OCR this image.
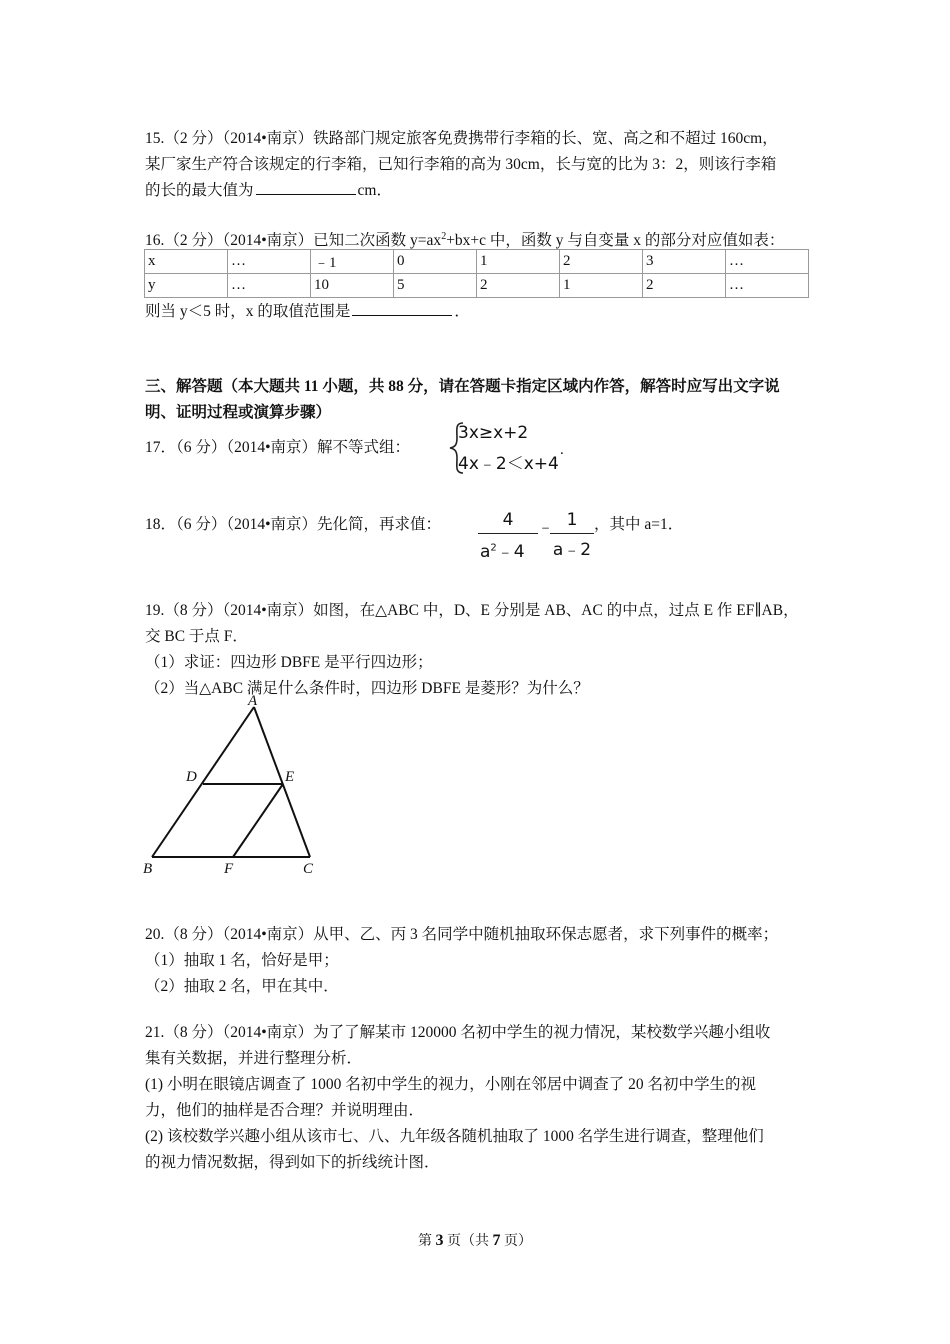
15.（2 分）（2014•南京）铁路部门规定旅客免费携带行李箱的长、宽、高之和不超过 160cm，
某厂家生产符合该规定的行李箱，已知行李箱的高为 30cm，长与宽的比为 3：2，则该行李箱
的长的最大值为	cm．
16.（2 分）（2014•南京）已知二次函数 $y=ax^2+bx+c$ 中，函数 y 与自变量 x 的部分对应值如表：
x	…	﹣1	0	1	2	3	…
y	…	10	5	2	1	2	…
则当 y＜5 时，x 的取值范围是	．
三、解答题（本大题共 11 小题，共 88 分，请在答题卡指定区域内作答，解答时应写出文字说
明、证明过程或演算步骤）
17．（6 分）（2014•南京）解不等式组：
3x≥x+2
4x﹣2＜x+4
.
18．（6 分）（2014•南京）先化简，再求值：	4
$a^2﹣4$
﹣ 1
a﹣2
，其中 a=1．
19.（8 分）（2014•南京）如图，在△ABC 中，D、E 分别是 AB、AC 的中点，过点 E 作 EF∥AB，
交 BC 于点 F．
（1）求证：四边形 DBFE 是平行四边形；
（2）当△ABC 满足什么条件时，四边形 DBFE 是菱形？为什么？
A
D	E
B	F	C
20.（8 分）（2014•南京）从甲、乙、丙 3 名同学中随机抽取环保志愿者，求下列事件的概率；
（1）抽取 1 名，恰好是甲；
（2）抽取 2 名，甲在其中．
21.（8 分）（2014•南京）为了了解某市 120000 名初中学生的视力情况，某校数学兴趣小组收
集有关数据，并进行整理分析．
(1) 小明在眼镜店调查了 1000 名初中学生的视力，小刚在邻居中调查了 20 名初中学生的视
力，他们的抽样是否合理？并说明理由．
(2) 该校数学兴趣小组从该市七、八、九年级各随机抽取了 1000 名学生进行调查，整理他们
的视力情况数据，得到如下的折线统计图．
第 3 页（共 7 页）
